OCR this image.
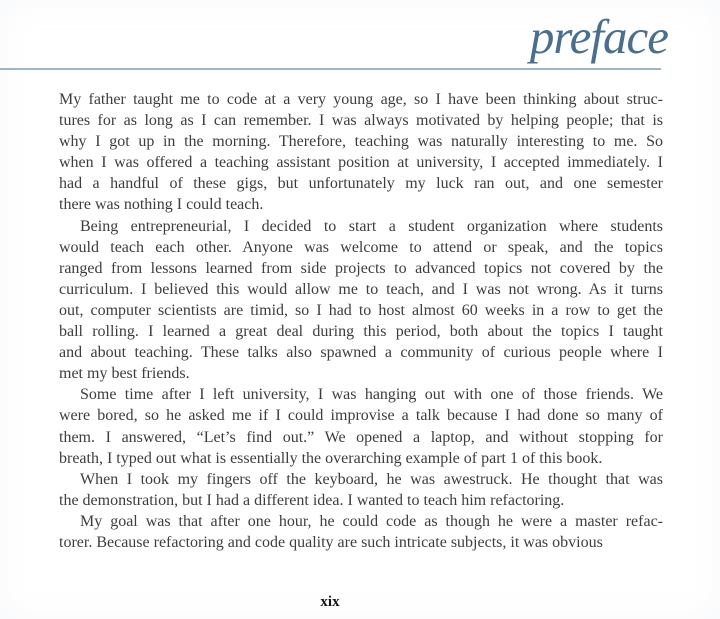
preface
My father taught me to code at a very young age, so I have been thinking about struc-
tures for as long as I can remember. I was always motivated by helping people; that is
why I got up in the morning. Therefore, teaching was naturally interesting to me. So
when I was offered a teaching assistant position at university, I accepted immediately. I
had a handful of these gigs, but unfortunately my luck ran out, and one semester
there was nothing I could teach.
Being entrepreneurial, I decided to start a student organization where students
would teach each other. Anyone was welcome to attend or speak, and the topics
ranged from lessons learned from side projects to advanced topics not covered by the
curriculum. I believed this would allow me to teach, and I was not wrong. As it turns
out, computer scientists are timid, so I had to host almost 60 weeks in a row to get the
ball rolling. I learned a great deal during this period, both about the topics I taught
and about teaching. These talks also spawned a community of curious people where I
met my best friends.
Some time after I left university, I was hanging out with one of those friends. We
were bored, so he asked me if I could improvise a talk because I had done so many of
them. I answered, “Let’s find out.” We opened a laptop, and without stopping for
breath, I typed out what is essentially the overarching example of part 1 of this book.
When I took my fingers off the keyboard, he was awestruck. He thought that was
the demonstration, but I had a different idea. I wanted to teach him refactoring.
My goal was that after one hour, he could code as though he were a master refac-
torer. Because refactoring and code quality are such intricate subjects, it was obvious
xix
